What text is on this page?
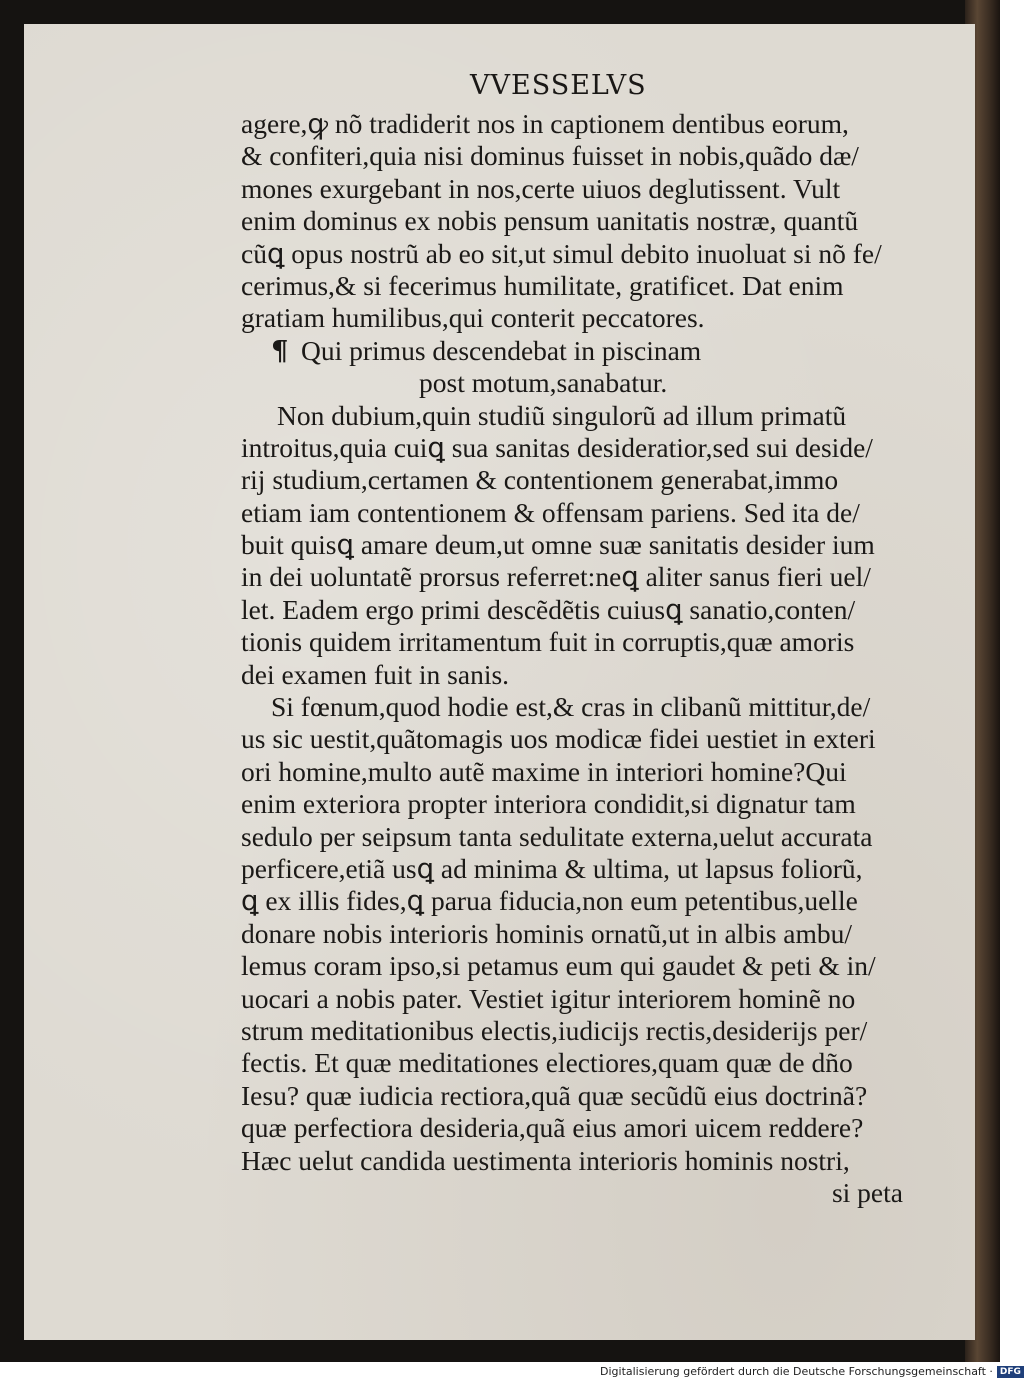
VVESSELVS
agere,ꝙ nõ tradiderit nos in captionem dentibus eorum,
& confiteri,quia nisi dominus fuisset in nobis,quãdo dæ/
mones exurgebant in nos,certe uiuos deglutissent. Vult
enim dominus ex nobis pensum uanitatis nostræ, quantũ
cũꝗ opus nostrũ ab eo sit,ut simul debito inuoluat si nõ fe/
cerimus,& si fecerimus humilitate, gratificet. Dat enim
gratiam humilibus,qui conterit peccatores.
¶ Qui primus descendebat in piscinam
post motum,sanabatur.
Non dubium,quin studiũ singulorũ ad illum primatũ
introitus,quia cuiꝗ sua sanitas desideratior,sed sui deside/
rij studium,certamen & contentionem generabat,immo
etiam iam contentionem & offensam pariens. Sed ita de/
buit quisꝗ amare deum,ut omne suæ sanitatis desider ium
in dei uoluntatẽ prorsus referret:neꝗ aliter sanus fieri uel/
let. Eadem ergo primi descẽdẽtis cuiusꝗ sanatio,conten/
tionis quidem irritamentum fuit in corruptis,quæ amoris
dei examen fuit in sanis.
Si fœnum,quod hodie est,& cras in clibanũ mittitur,de/
us sic uestit,quãtomagis uos modicæ fidei uestiet in exteri
ori homine,multo autẽ maxime in interiori homine?Qui
enim exteriora propter interiora condidit,si dignatur tam
sedulo per seipsum tanta sedulitate externa,uelut accurata
perficere,etiã usꝗ ad minima & ultima, ut lapsus foliorũ,
ꝗ ex illis fides,ꝗ parua fiducia,non eum petentibus,uelle
donare nobis interioris hominis ornatũ,ut in albis ambu/
lemus coram ipso,si petamus eum qui gaudet & peti & in/
uocari a nobis pater. Vestiet igitur interiorem hominẽ no
strum meditationibus electis,iudicijs rectis,desiderijs per/
fectis. Et quæ meditationes electiores,quam quæ de dño
Iesu? quæ iudicia rectiora,quã quæ secũdũ eius doctrinã?
quæ perfectiora desideria,quã eius amori uicem reddere?
Hæc uelut candida uestimenta interioris hominis nostri,
si peta
Digitalisierung gefördert durch die Deutsche Forschungsgemeinschaft · DFG
